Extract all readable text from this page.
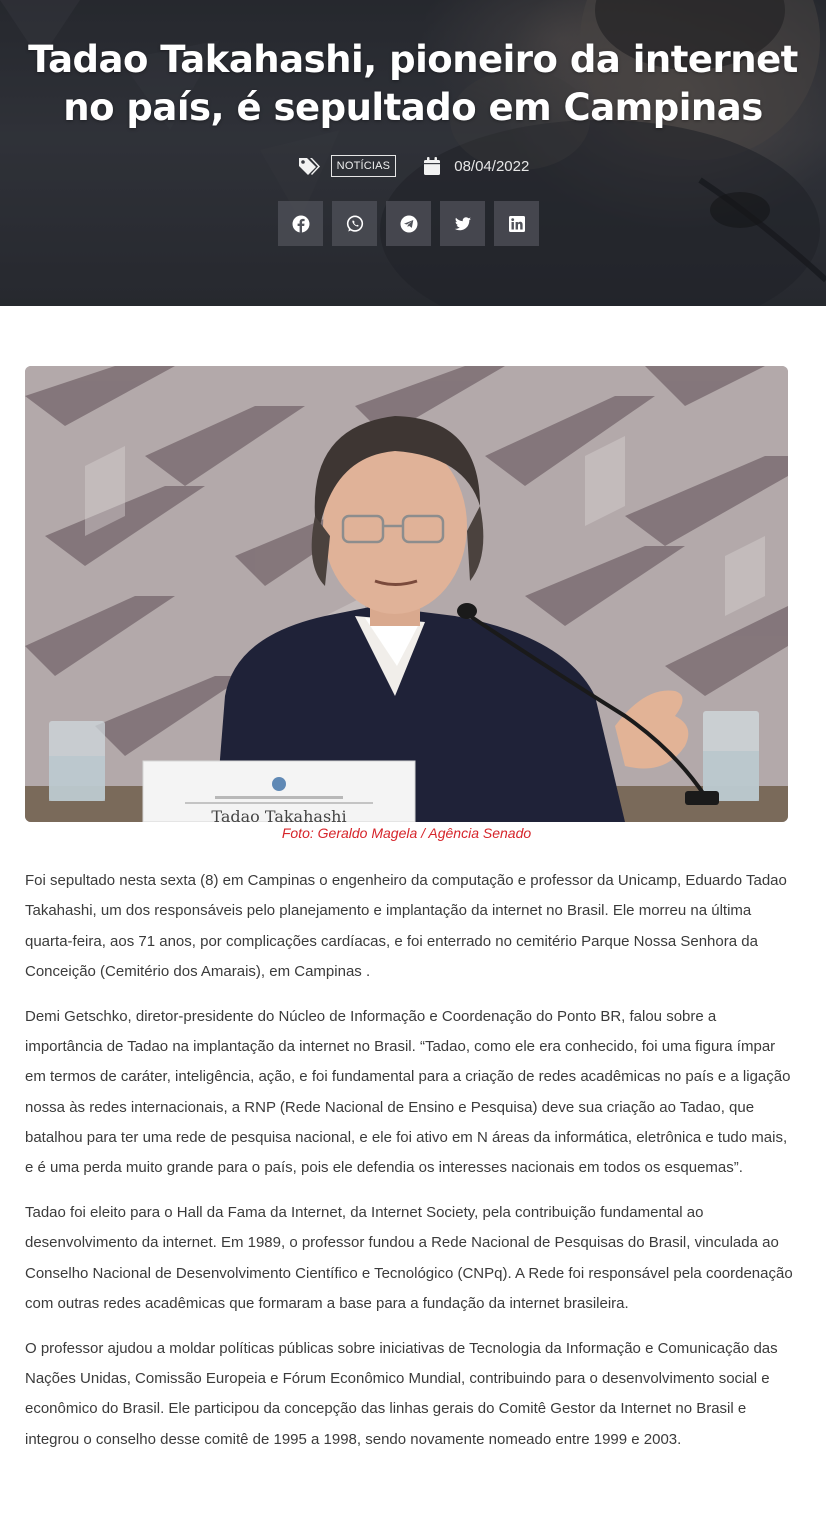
Tadao Takahashi, pioneiro da internet no país, é sepultado em Campinas
NOTÍCIAS	08/04/2022
Tadao Takahashi
Foto: Geraldo Magela / Agência Senado

Foi sepultado nesta sexta (8) em Campinas o engenheiro da computação e professor da Unicamp, Eduardo Tadao Takahashi, um dos responsáveis pelo planejamento e implantação da internet no Brasil. Ele morreu na última quarta-feira, aos 71 anos, por complicações cardíacas, e foi enterrado no cemitério Parque Nossa Senhora da Conceição (Cemitério dos Amarais), em Campinas .

Demi Getschko, diretor-presidente do Núcleo de Informação e Coordenação do Ponto BR, falou sobre a importância de Tadao na implantação da internet no Brasil. “Tadao, como ele era conhecido, foi uma figura ímpar em termos de caráter, inteligência, ação, e foi fundamental para a criação de redes acadêmicas no país e a ligação nossa às redes internacionais, a RNP (Rede Nacional de Ensino e Pesquisa) deve sua criação ao Tadao, que batalhou para ter uma rede de pesquisa nacional, e ele foi ativo em N áreas da informática, eletrônica e tudo mais, e é uma perda muito grande para o país, pois ele defendia os interesses nacionais em todos os esquemas”.

Tadao foi eleito para o Hall da Fama da Internet, da Internet Society, pela contribuição fundamental ao desenvolvimento da internet. Em 1989, o professor fundou a Rede Nacional de Pesquisas do Brasil, vinculada ao Conselho Nacional de Desenvolvimento Científico e Tecnológico (CNPq). A Rede foi responsável pela coordenação com outras redes acadêmicas que formaram a base para a fundação da internet brasileira.

O professor ajudou a moldar políticas públicas sobre iniciativas de Tecnologia da Informação e Comunicação das Nações Unidas, Comissão Europeia e Fórum Econômico Mundial, contribuindo para o desenvolvimento social e econômico do Brasil. Ele participou da concepção das linhas gerais do Comitê Gestor da Internet no Brasil e integrou o conselho desse comitê de 1995 a 1998, sendo novamente nomeado entre 1999 e 2003.
